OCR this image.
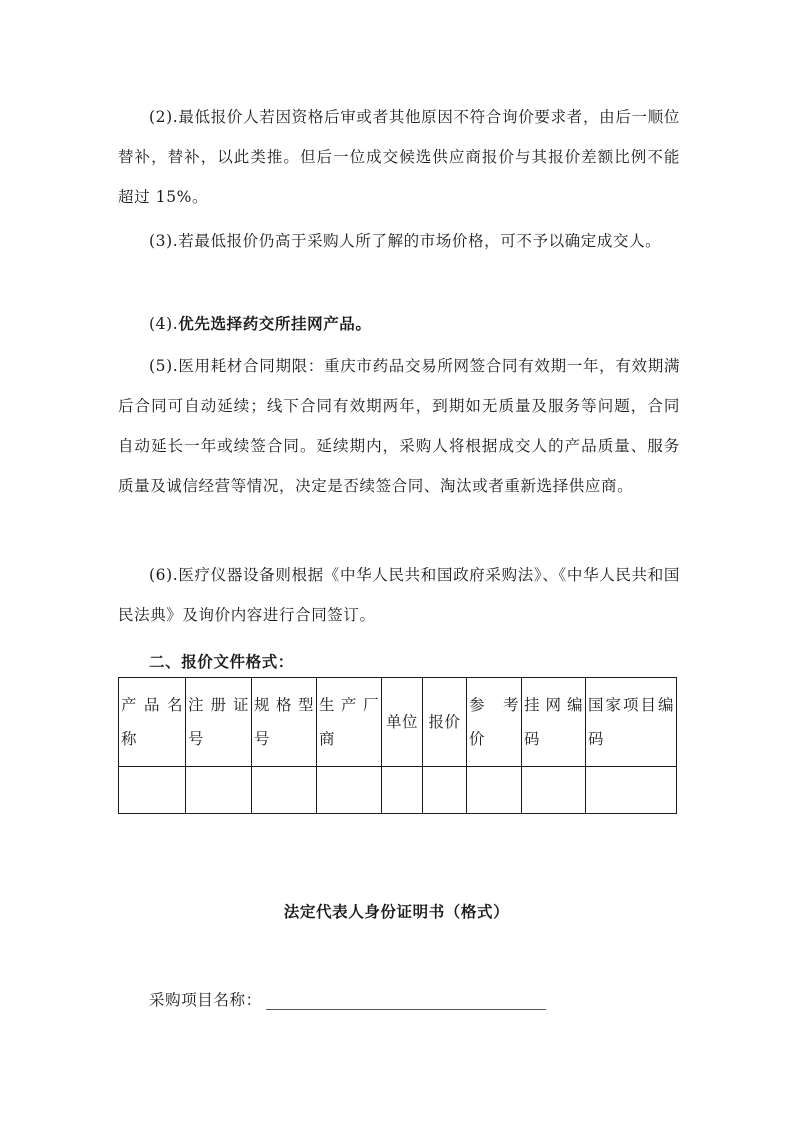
(2).最低报价人若因资格后审或者其他原因不符合询价要求者，由后一顺位替补，替补，以此类推。但后一位成交候选供应商报价与其报价差额比例不能超过 15%。

(3).若最低报价仍高于采购人所了解的市场价格，可不予以确定成交人。

(4).优先选择药交所挂网产品。

(5).医用耗材合同期限：重庆市药品交易所网签合同有效期一年，有效期满后合同可自动延续；线下合同有效期两年，到期如无质量及服务等问题，合同自动延长一年或续签合同。延续期内，采购人将根据成交人的产品质量、服务质量及诚信经营等情况，决定是否续签合同、淘汰或者重新选择供应商。

(6).医疗仪器设备则根据《中华人民共和国政府采购法》、《中华人民共和国民法典》及询价内容进行合同签订。

二、报价文件格式：

产品名称	注册证号	规格型号	生产厂商	单位	报价	参　考价	挂网编码	国家项目编码

法定代表人身份证明书（格式）

采购项目名称：
